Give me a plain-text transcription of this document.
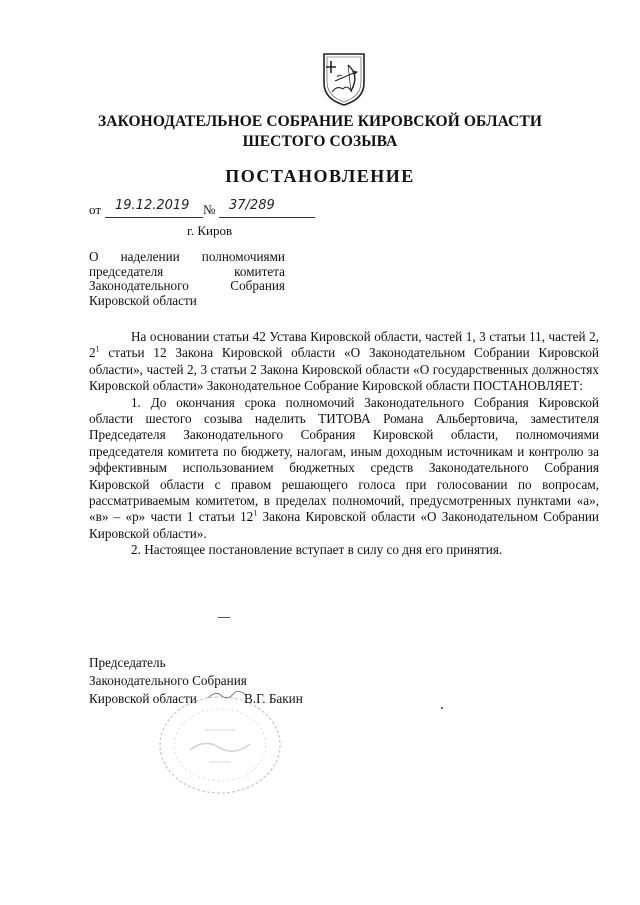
ЗАКОНОДАТЕЛЬНОЕ СОБРАНИЕ КИРОВСКОЙ ОБЛАСТИ
ШЕСТОГО СОЗЫВА
ПОСТАНОВЛЕНИЕ
от 19.12.2019 № 37/289
г. Киров
О наделении полномочиями председателя комитета Законодательного Собрания Кировской области

На основании статьи 42 Устава Кировской области, частей 1, 3 статьи 11, частей 2, $2^1$ статьи 12 Закона Кировской области «О Законодательном Собрании Кировской области», частей 2, 3 статьи 2 Закона Кировской области «О государственных должностях Кировской области» Законодательное Собрание Кировской области ПОСТАНОВЛЯЕТ:

1. До окончания срока полномочий Законодательного Собрания Кировской области шестого созыва наделить ТИТОВА Романа Альбертовича, заместителя Председателя Законодательного Собрания Кировской области, полномочиями председателя комитета по бюджету, налогам, иным доходным источникам и контролю за эффективным использованием бюджетных средств Законодательного Собрания Кировской области с правом решающего голоса при голосовании по вопросам, рассматриваемым комитетом, в пределах полномочий, предусмотренных пунктами «а», «в» – «р» части 1 статьи $12^1$ Закона Кировской области «О Законодательном Собрании Кировской области».

2. Настоящее постановление вступает в силу со дня его принятия.

Председатель
Законодательного Собрания
Кировской области	В.Г. Бакин
